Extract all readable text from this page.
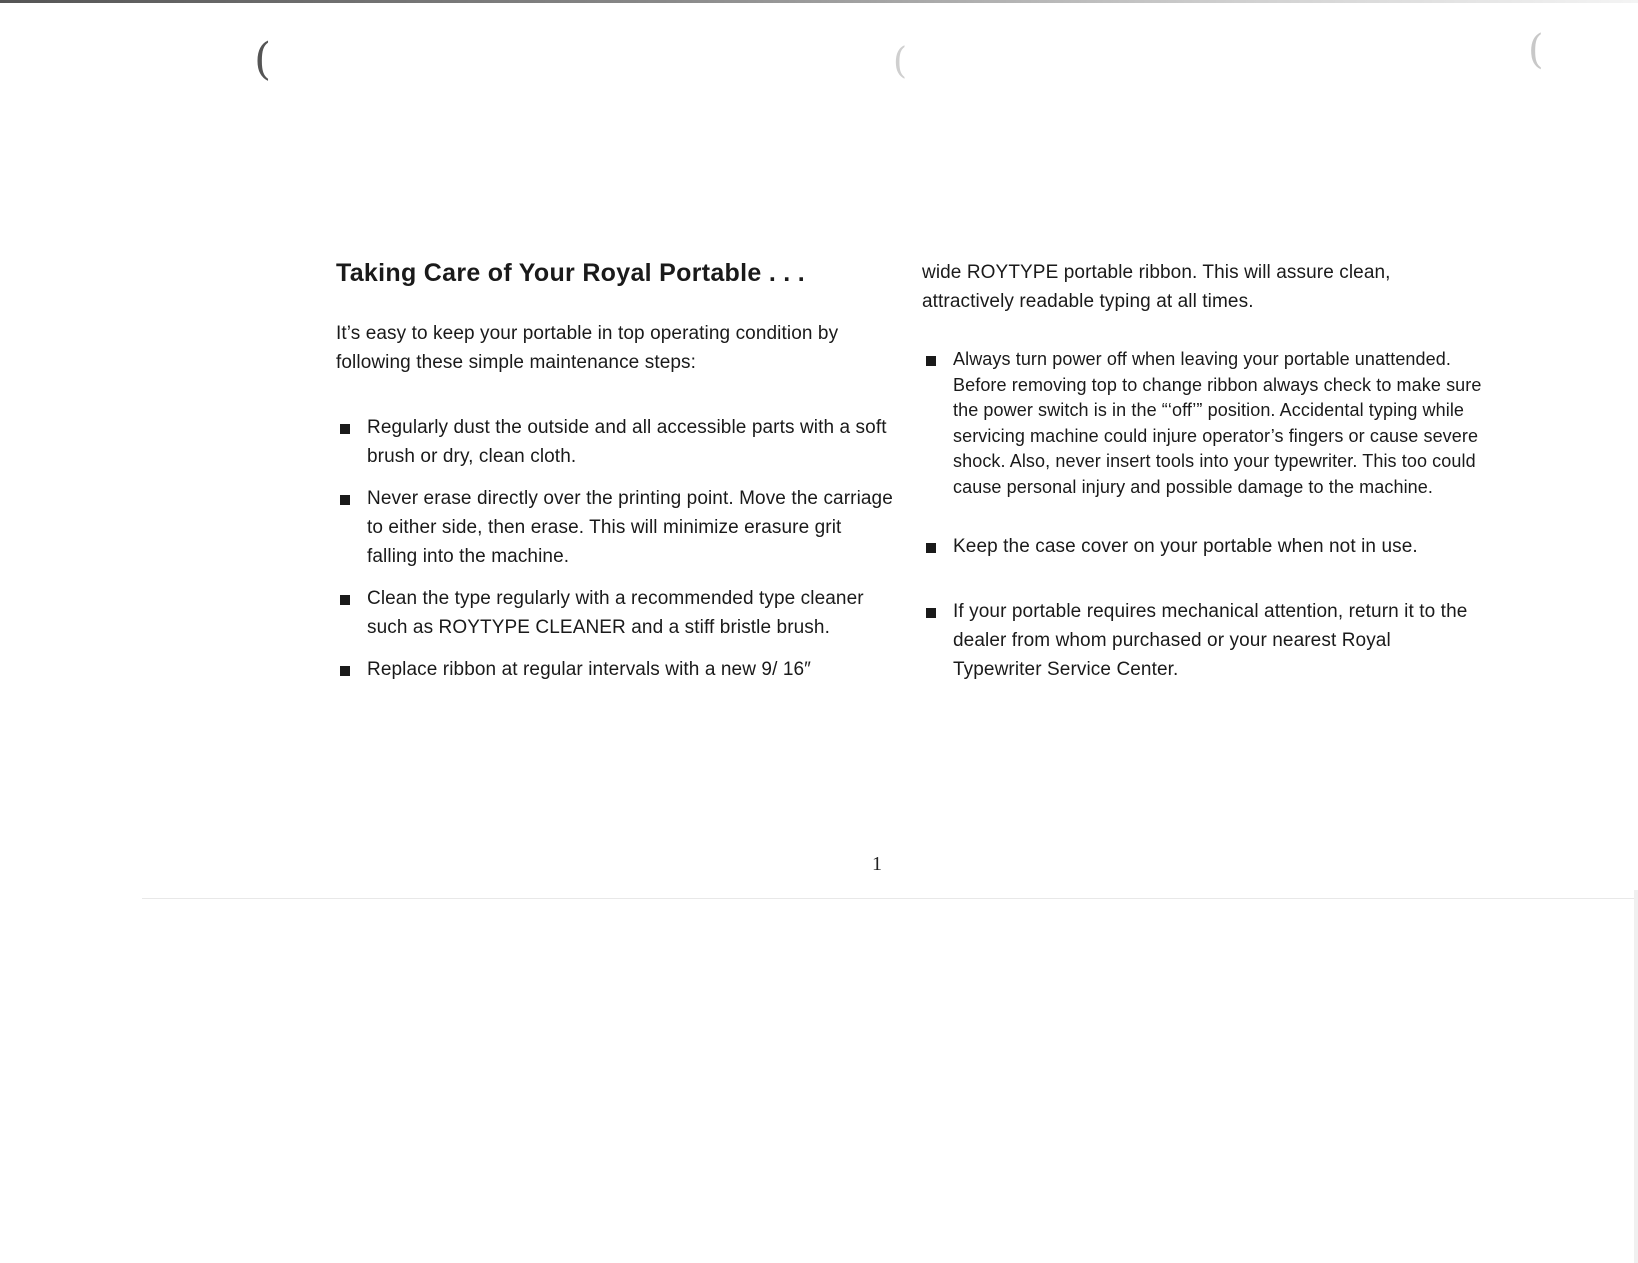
(	(	(
Taking Care of Your Royal Portable . . .

It’s easy to keep your portable in top operating condition by following these simple maintenance steps:

Regularly dust the outside and all accessible parts with a soft brush or dry, clean cloth.
Never erase directly over the printing point. Move the carriage to either side, then erase. This will minimize erasure grit falling into the machine.
Clean the type regularly with a recommended type cleaner such as ROYTYPE CLEANER and a stiff bristle brush.
Replace ribbon at regular intervals with a new 9/ 16″

wide ROYTYPE portable ribbon. This will assure clean, attractively readable typing at all times.

Always turn power off when leaving your portable unattended. Before removing top to change ribbon always check to make sure the power switch is in the “‘off’” position. Accidental typing while servicing machine could injure operator’s fingers or cause severe shock. Also, never insert tools into your typewriter. This too could cause personal injury and possible damage to the machine.
Keep the case cover on your portable when not in use.
If your portable requires mechanical attention, return it to the dealer from whom purchased or your nearest Royal Typewriter Service Center.
1
